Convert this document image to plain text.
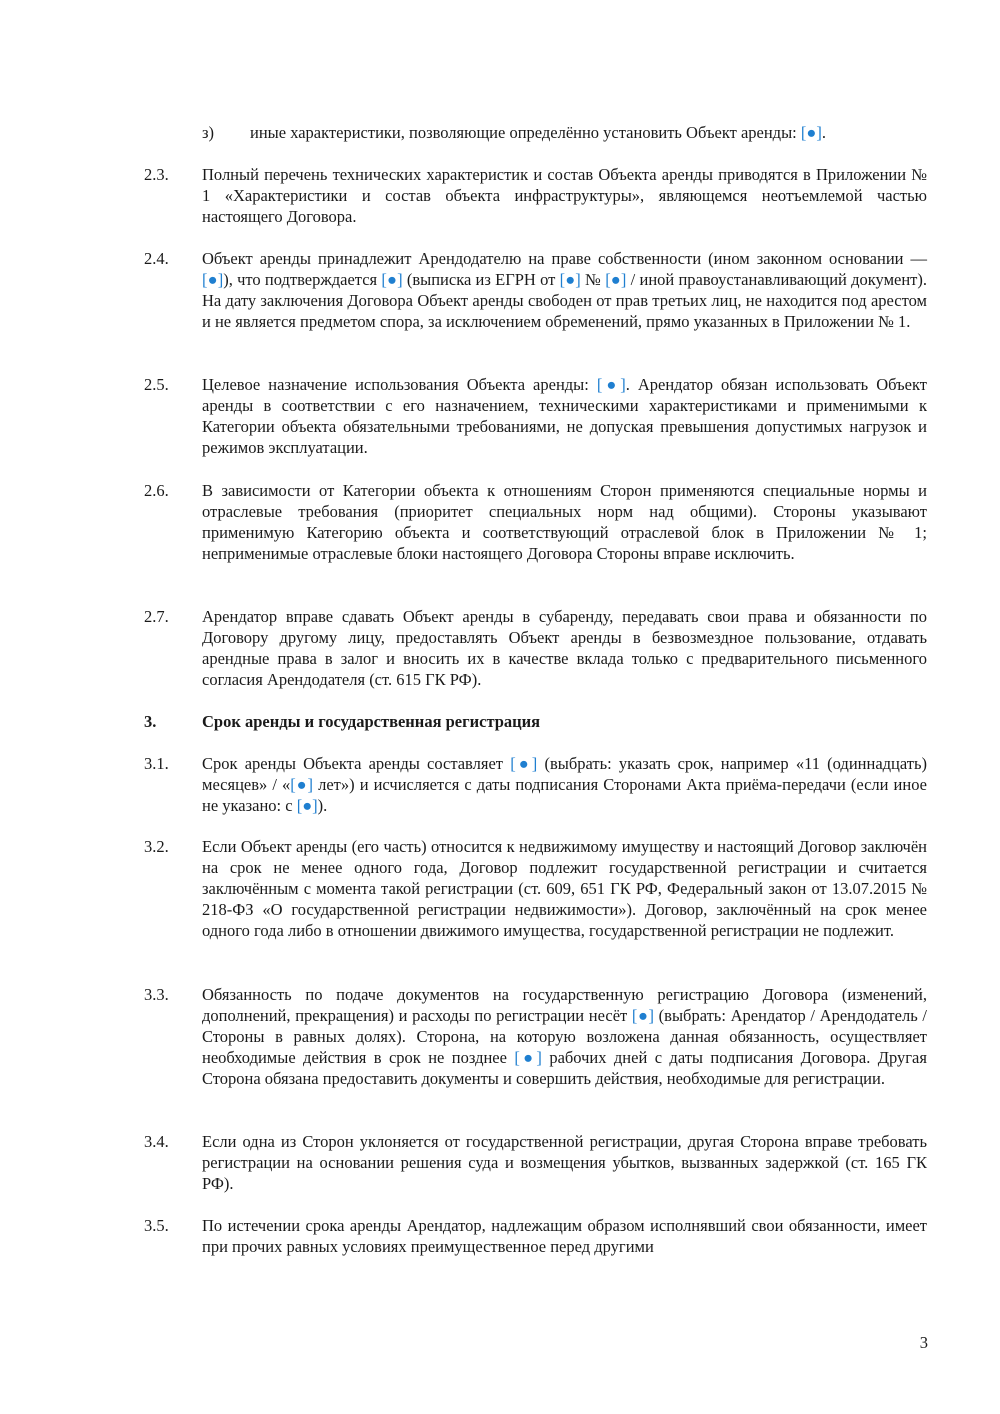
з) иные характеристики, позволяющие определённо установить Объект аренды: [●].
2.3. Полный перечень технических характеристик и состав Объекта аренды приводятся в Приложении № 1 «Характеристики и состав объекта инфраструктуры», являющемся неотъемлемой частью настоящего Договора.
2.4. Объект аренды принадлежит Арендодателю на праве собственности (ином законном основании — [●]), что подтверждается [●] (выписка из ЕГРН от [●] № [●] / иной правоустанавливающий документ). На дату заключения Договора Объект аренды свободен от прав третьих лиц, не находится под арестом и не является предметом спора, за исключением обременений, прямо указанных в Приложении № 1.
2.5. Целевое назначение использования Объекта аренды: [●]. Арендатор обязан использовать Объект аренды в соответствии с его назначением, техническими характеристиками и применимыми к Категории объекта обязательными требованиями, не допуская превышения допустимых нагрузок и режимов эксплуатации.
2.6. В зависимости от Категории объекта к отношениям Сторон применяются специальные нормы и отраслевые требования (приоритет специальных норм над общими). Стороны указывают применимую Категорию объекта и соответствующий отраслевой блок в Приложении № 1; неприменимые отраслевые блоки настоящего Договора Стороны вправе исключить.
2.7. Арендатор вправе сдавать Объект аренды в субаренду, передавать свои права и обязанности по Договору другому лицу, предоставлять Объект аренды в безвозмездное пользование, отдавать арендные права в залог и вносить их в качестве вклада только с предварительного письменного согласия Арендодателя (ст. 615 ГК РФ).
3.	Срок аренды и государственная регистрация
3.1. Срок аренды Объекта аренды составляет [●] (выбрать: указать срок, например «11 (одиннадцать) месяцев» / «[●] лет») и исчисляется с даты подписания Сторонами Акта приёма-передачи (если иное не указано: с [●]).
3.2. Если Объект аренды (его часть) относится к недвижимому имуществу и настоящий Договор заключён на срок не менее одного года, Договор подлежит государственной регистрации и считается заключённым с момента такой регистрации (ст. 609, 651 ГК РФ, Федеральный закон от 13.07.2015 № 218-ФЗ «О государственной регистрации недвижимости»). Договор, заключённый на срок менее одного года либо в отношении движимого имущества, государственной регистрации не подлежит.
3.3. Обязанность по подаче документов на государственную регистрацию Договора (изменений, дополнений, прекращения) и расходы по регистрации несёт [●] (выбрать: Арендатор / Арендодатель / Стороны в равных долях). Сторона, на которую возложена данная обязанность, осуществляет необходимые действия в срок не позднее [●] рабочих дней с даты подписания Договора. Другая Сторона обязана предоставить документы и совершить действия, необходимые для регистрации.
3.4. Если одна из Сторон уклоняется от государственной регистрации, другая Сторона вправе требовать регистрации на основании решения суда и возмещения убытков, вызванных задержкой (ст. 165 ГК РФ).
3.5. По истечении срока аренды Арендатор, надлежащим образом исполнявший свои обязанности, имеет при прочих равных условиях преимущественное перед другими
3
